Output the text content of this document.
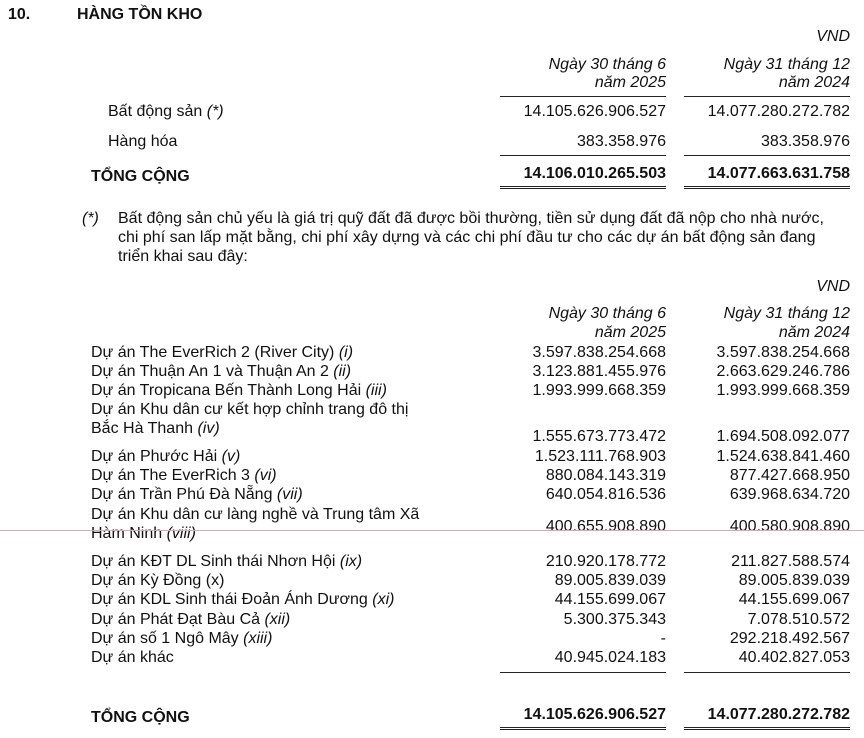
10.	HÀNG TỒN KHO
VND
Ngày 30 tháng 6
năm 2025
Ngày 31 tháng 12
năm 2024
Bất động sản (*)	14.105.626.906.527	14.077.280.272.782
Hàng hóa	383.358.976	383.358.976
TỔNG CỘNG	14.106.010.265.503	14.077.663.631.758
(*) Bất động sản chủ yếu là giá trị quỹ đất đã được bồi thường, tiền sử dụng đất đã nộp cho nhà nước, chi phí san lấp mặt bằng, chi phí xây dựng và các chi phí đầu tư cho các dự án bất động sản đang triển khai sau đây:
VND
Ngày 30 tháng 6
năm 2025
Ngày 31 tháng 12
năm 2024
Dự án The EverRich 2 (River City) (i)	3.597.838.254.668	3.597.838.254.668
Dự án Thuận An 1 và Thuận An 2 (ii)	3.123.881.455.976	2.663.629.246.786
Dự án Tropicana Bến Thành Long Hải (iii)	1.993.999.668.359	1.993.999.668.359
Dự án Khu dân cư kết hợp chỉnh trang đô thị
Bắc Hà Thanh (iv)	1.555.673.773.472	1.694.508.092.077
Dự án Phước Hải (v)	1.523.111.768.903	1.524.638.841.460
Dự án The EverRich 3 (vi)	880.084.143.319	877.427.668.950
Dự án Trần Phú Đà Nẵng (vii)	640.054.816.536	639.968.634.720
Dự án Khu dân cư làng nghề và Trung tâm Xã
Hàm Ninh (viii)	400.655.908.890	400.580.908.890
Dự án KĐT DL Sinh thái Nhơn Hội (ix)	210.920.178.772	211.827.588.574
Dự án Kỳ Đồng (x)	89.005.839.039	89.005.839.039
Dự án KDL Sinh thái Đoản Ánh Dương (xi)	44.155.699.067	44.155.699.067
Dự án Phát Đạt Bàu Cả (xii)	5.300.375.343	7.078.510.572
Dự án số 1 Ngô Mây (xiii)	-	292.218.492.567
Dự án khác	40.945.024.183	40.402.827.053
TỔNG CỘNG	14.105.626.906.527	14.077.280.272.782
